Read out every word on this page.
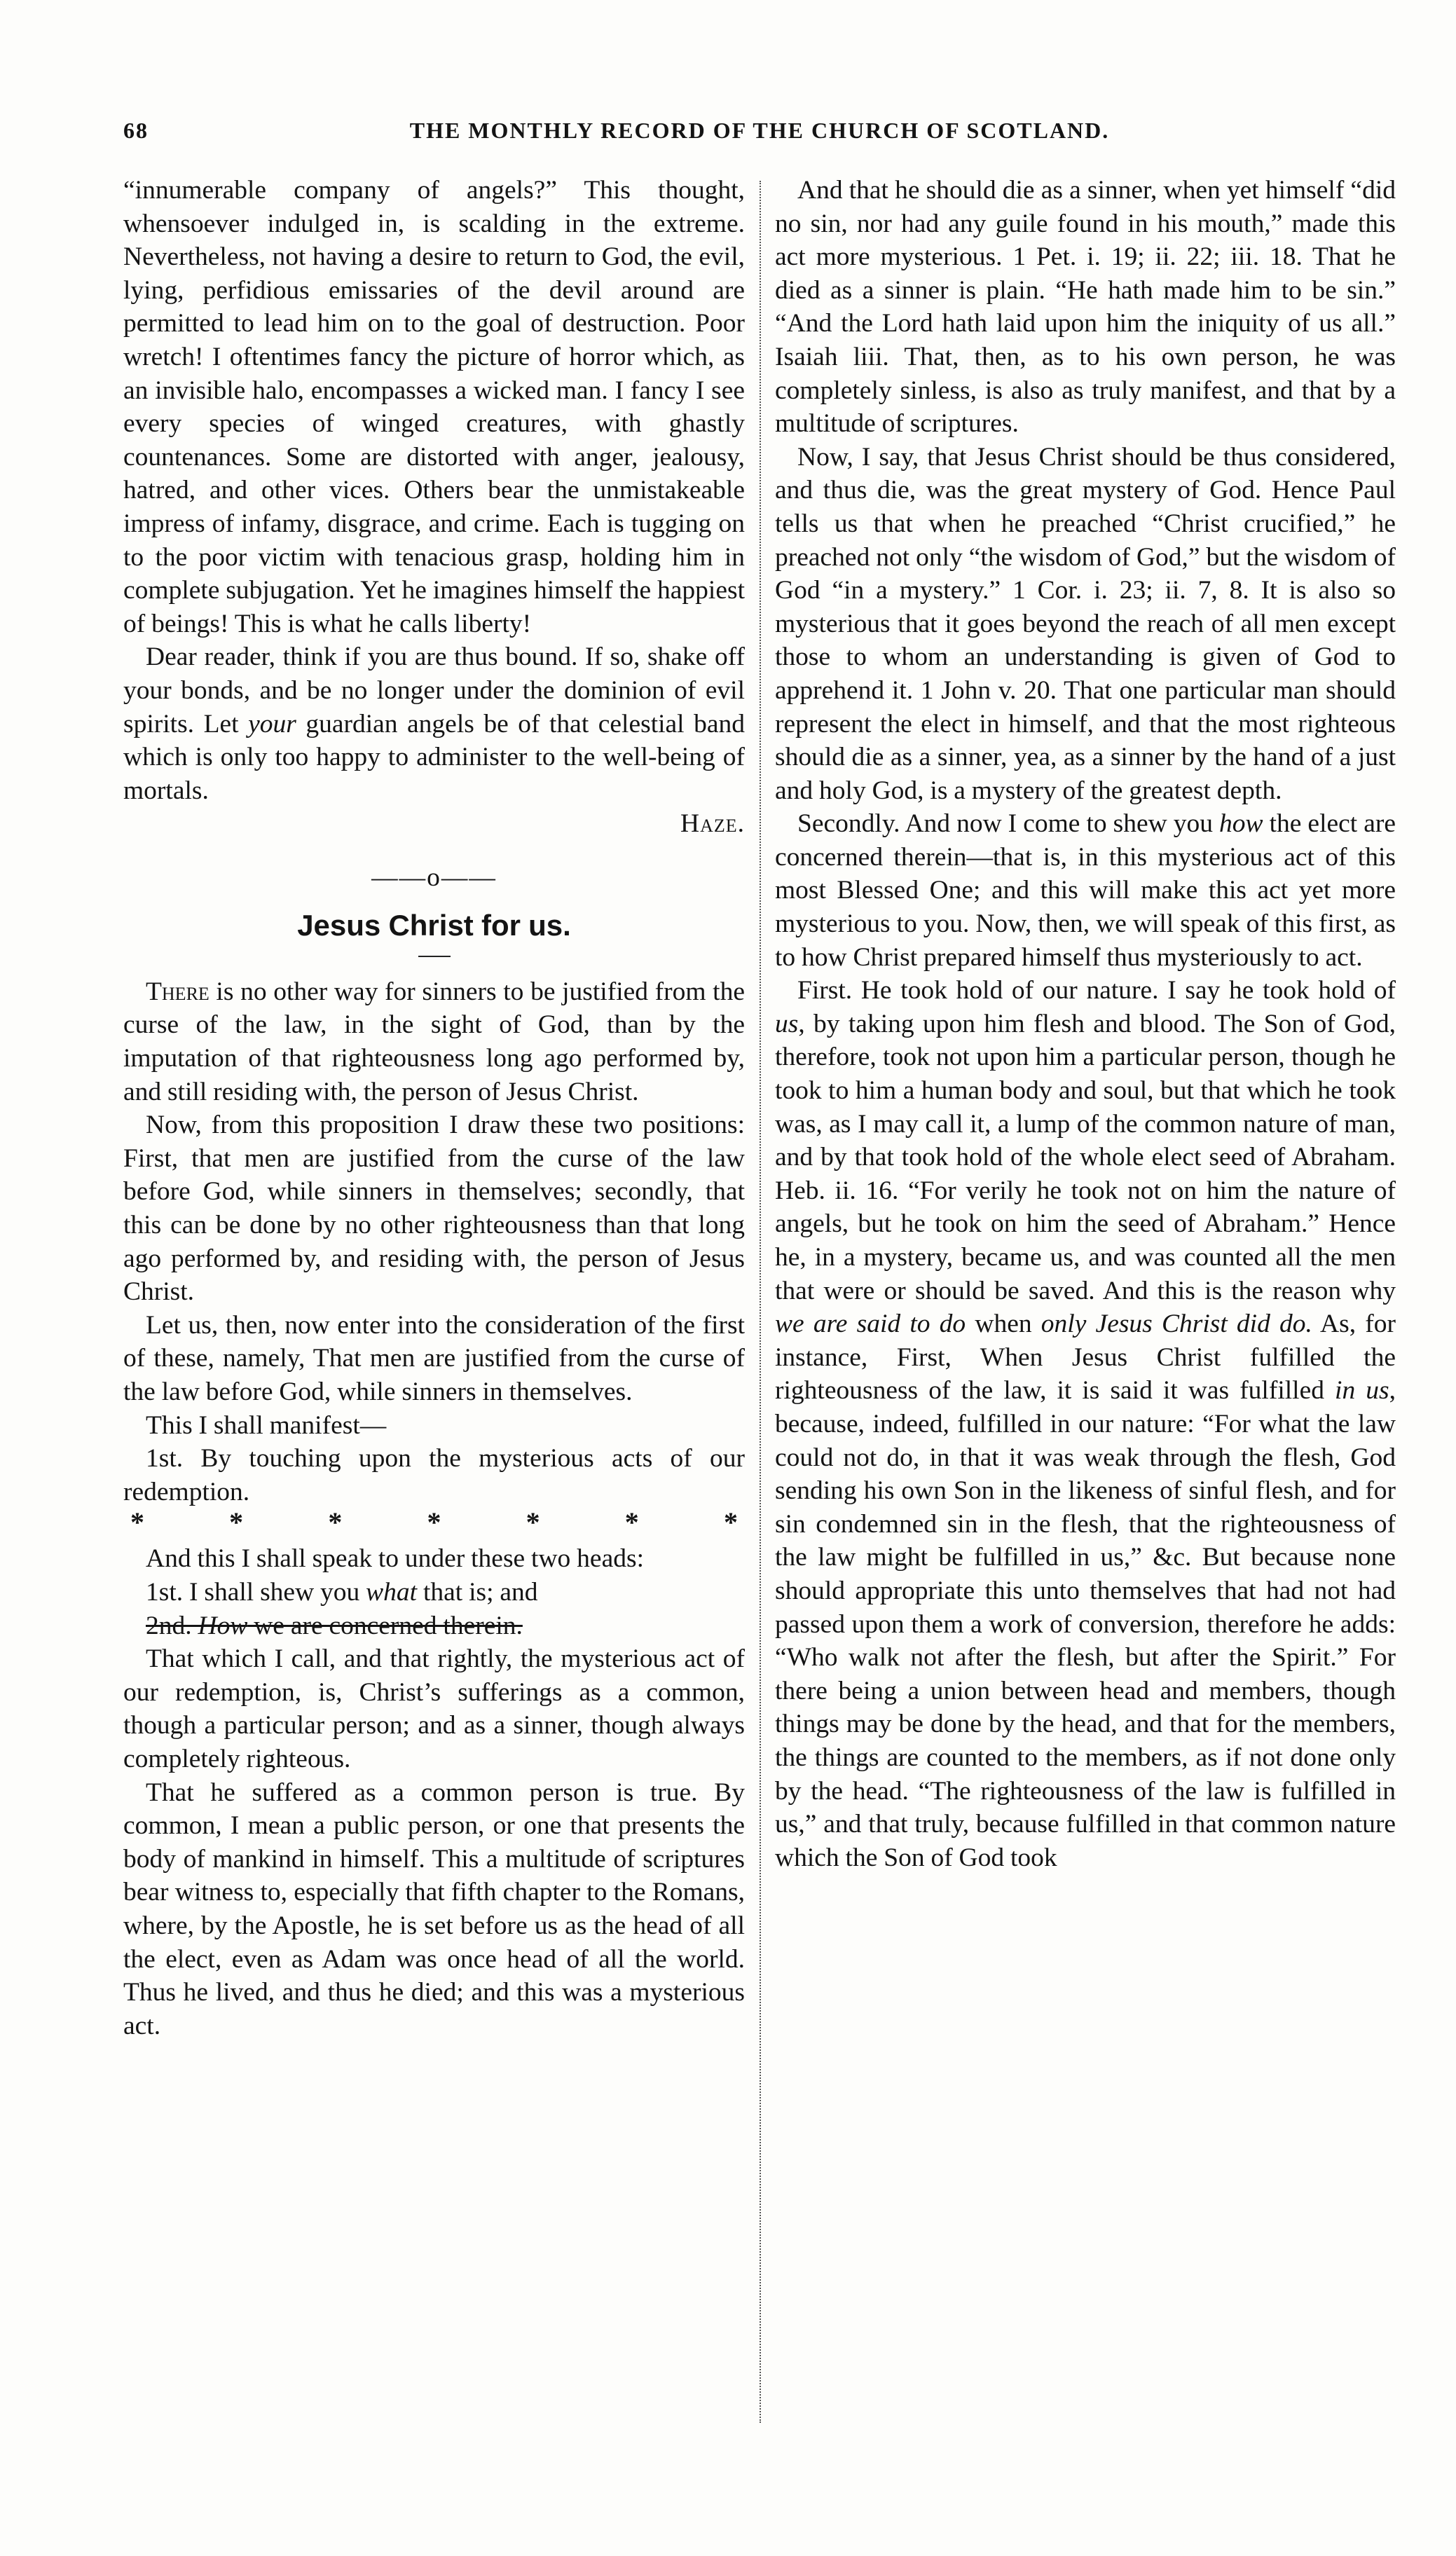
68	THE MONTHLY RECORD OF THE CHURCH OF SCOTLAND.

“innumerable company of angels?” This thought, whensoever indulged in, is scalding in the extreme. Nevertheless, not having a desire to return to God, the evil, lying, perfidious emissaries of the devil around are permitted to lead him on to the goal of destruction. Poor wretch! I oftentimes fancy the picture of horror which, as an invisible halo, encompasses a wicked man. I fancy I see every species of winged creatures, with ghastly countenances. Some are distorted with anger, jealousy, hatred, and other vices. Others bear the unmistakeable impress of infamy, disgrace, and crime. Each is tugging on to the poor victim with tenacious grasp, holding him in complete subjugation. Yet he imagines himself the happiest of beings! This is what he calls liberty!

Dear reader, think if you are thus bound. If so, shake off your bonds, and be no longer under the dominion of evil spirits. Let your guardian angels be of that celestial band which is only too happy to administer to the well-being of mortals.

Haze.
——o——
Jesus Christ for us.

There is no other way for sinners to be justified from the curse of the law, in the sight of God, than by the imputation of that righteousness long ago performed by, and still residing with, the person of Jesus Christ.

Now, from this proposition I draw these two positions: First, that men are justified from the curse of the law before God, while sinners in themselves; secondly, that this can be done by no other righteousness than that long ago performed by, and residing with, the person of Jesus Christ.

Let us, then, now enter into the consideration of the first of these, namely, That men are justified from the curse of the law before God, while sinners in themselves.

This I shall manifest—

1st. By touching upon the mysterious acts of our redemption.

*	*	*	*	*	*	*

And this I shall speak to under these two heads:

1st. I shall shew you what that is; and

2nd. How we are concerned therein.

That which I call, and that rightly, the mysterious act of our redemption, is, Christ’s sufferings as a common, though a particular person; and as a sinner, though always completely righteous.

That he suffered as a common person is true. By common, I mean a public person, or one that presents the body of mankind in himself. This a multitude of scriptures bear witness to, especially that fifth chapter to the Romans, where, by the Apostle, he is set before us as the head of all the elect, even as Adam was once head of all the world. Thus he lived, and thus he died; and this was a mysterious act.

And that he should die as a sinner, when yet himself “did no sin, nor had any guile found in his mouth,” made this act more mysterious. 1 Pet. i. 19; ii. 22; iii. 18. That he died as a sinner is plain. “He hath made him to be sin.” “And the Lord hath laid upon him the iniquity of us all.” Isaiah liii. That, then, as to his own person, he was completely sinless, is also as truly manifest, and that by a multitude of scriptures.

Now, I say, that Jesus Christ should be thus considered, and thus die, was the great mystery of God. Hence Paul tells us that when he preached “Christ crucified,” he preached not only “the wisdom of God,” but the wisdom of God “in a mystery.” 1 Cor. i. 23; ii. 7, 8. It is also so mysterious that it goes beyond the reach of all men except those to whom an understanding is given of God to apprehend it. 1 John v. 20. That one particular man should represent the elect in himself, and that the most righteous should die as a sinner, yea, as a sinner by the hand of a just and holy God, is a mystery of the greatest depth.

Secondly. And now I come to shew you how the elect are concerned therein—that is, in this mysterious act of this most Blessed One; and this will make this act yet more mysterious to you. Now, then, we will speak of this first, as to how Christ prepared himself thus mysteriously to act.

First. He took hold of our nature. I say he took hold of us, by taking upon him flesh and blood. The Son of God, therefore, took not upon him a particular person, though he took to him a human body and soul, but that which he took was, as I may call it, a lump of the common nature of man, and by that took hold of the whole elect seed of Abraham. Heb. ii. 16. “For verily he took not on him the nature of angels, but he took on him the seed of Abraham.” Hence he, in a mystery, became us, and was counted all the men that were or should be saved. And this is the reason why we are said to do when only Jesus Christ did do. As, for instance, First, When Jesus Christ fulfilled the righteousness of the law, it is said it was fulfilled in us, because, indeed, fulfilled in our nature: “For what the law could not do, in that it was weak through the flesh, God sending his own Son in the likeness of sinful flesh, and for sin condemned sin in the flesh, that the righteousness of the law might be fulfilled in us,” &c. But because none should appropriate this unto themselves that had not had passed upon them a work of conversion, therefore he adds: “Who walk not after the flesh, but after the Spirit.” For there being a union between head and members, though things may be done by the head, and that for the members, the things are counted to the members, as if not done only by the head. “The righteousness of the law is fulfilled in us,” and that truly, because fulfilled in that common nature which the Son of God took
